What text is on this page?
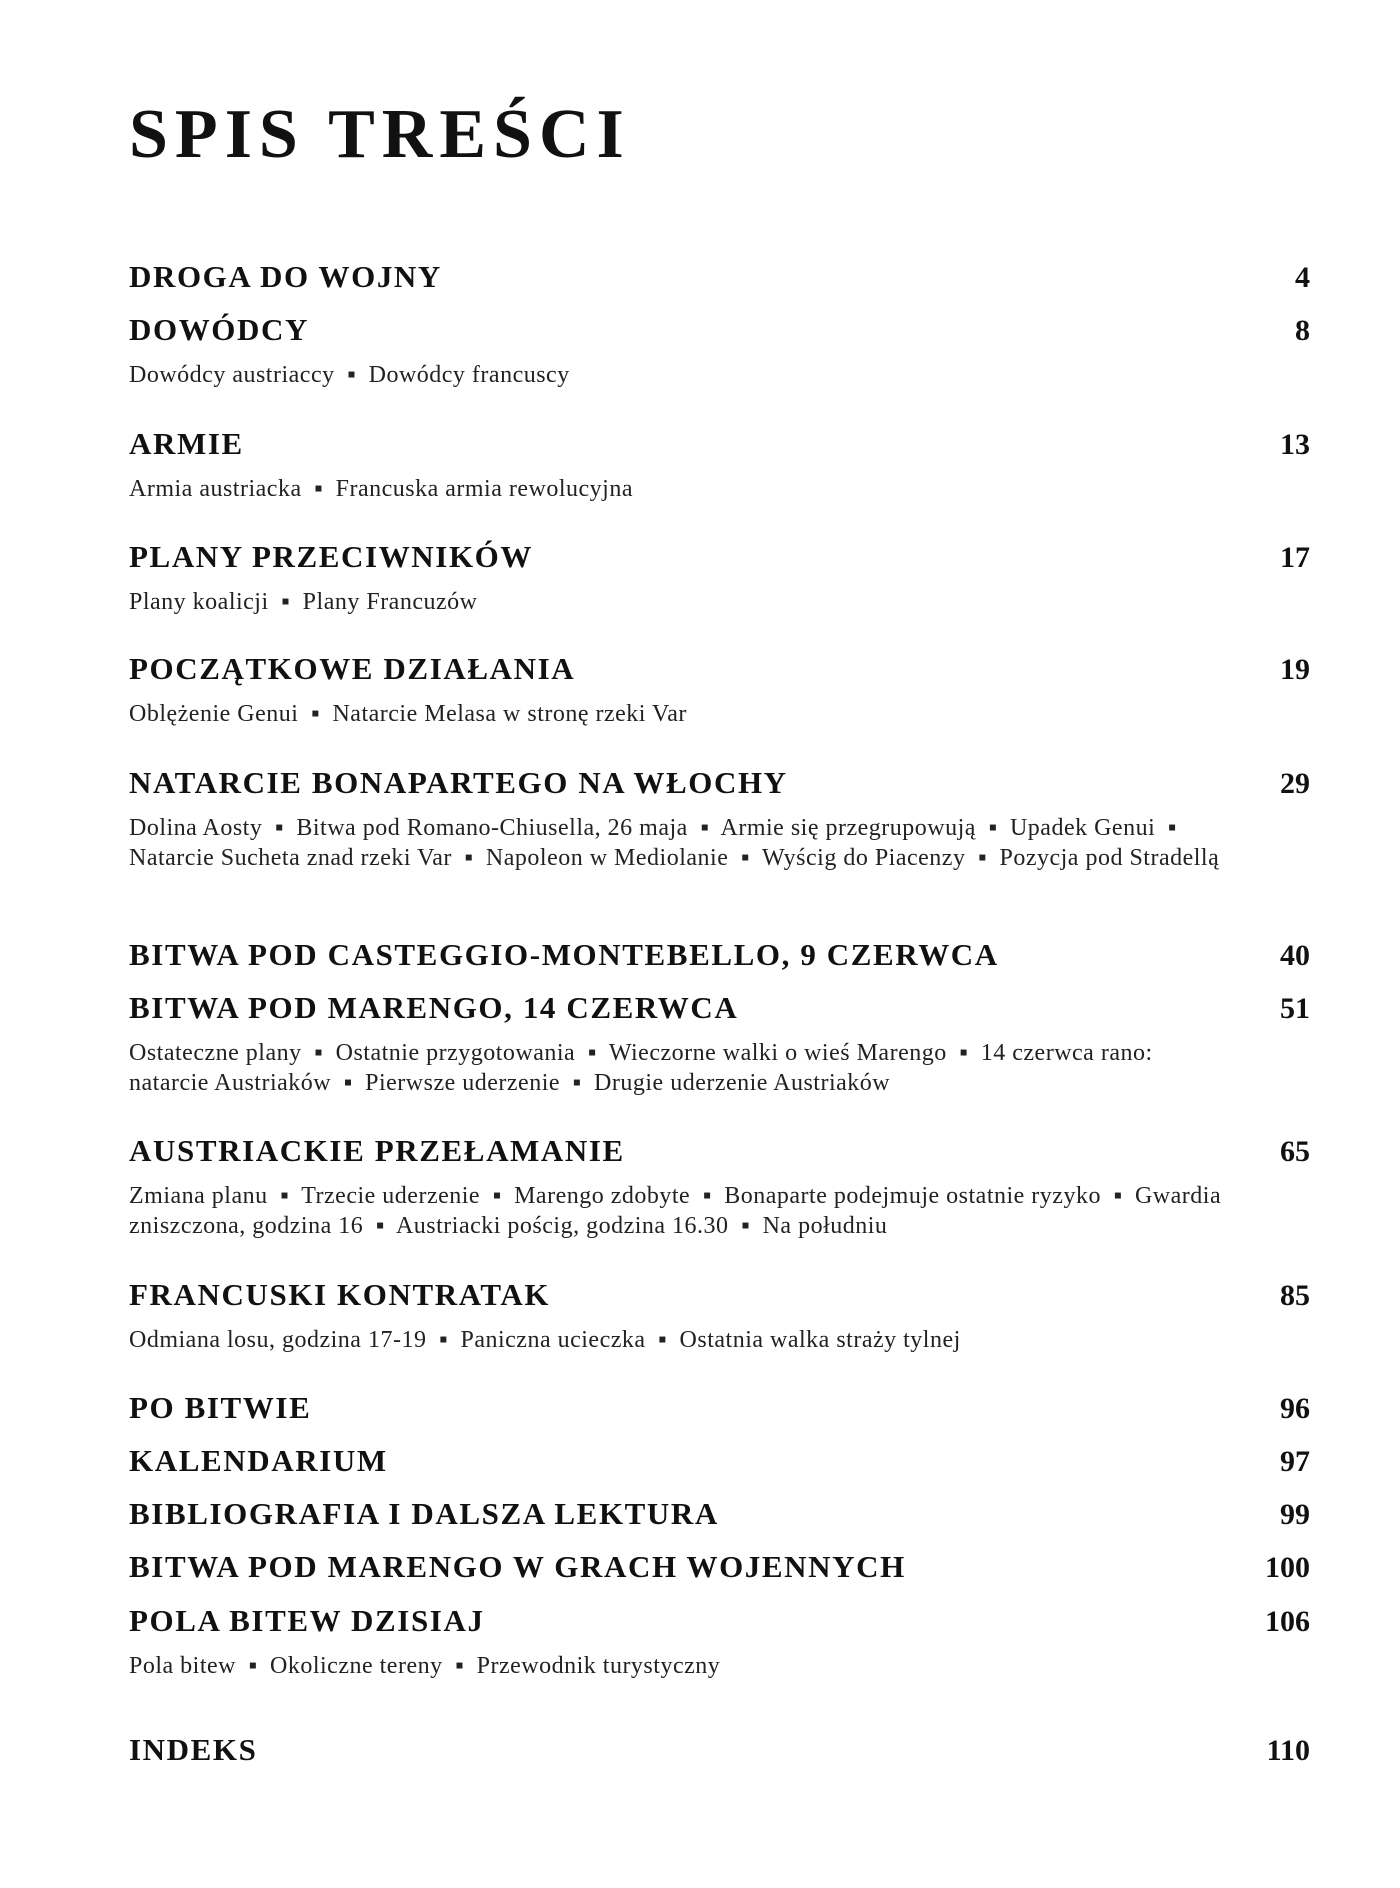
SPIS TREŚCI
DROGA DO WOJNY	4
DOWÓDCY	8
Dowódcy austriaccy ▪ Dowódcy francuscy
ARMIE	13
Armia austriacka ▪ Francuska armia rewolucyjna
PLANY PRZECIWNIKÓW	17
Plany koalicji ▪ Plany Francuzów
POCZĄTKOWE DZIAŁANIA	19
Oblężenie Genui ▪ Natarcie Melasa w stronę rzeki Var
NATARCIE BONAPARTEGO NA WŁOCHY	29
Dolina Aosty ▪ Bitwa pod Romano-Chiusella, 26 maja ▪ Armie się przegrupowują ▪ Upadek Genui ▪ Natarcie Sucheta znad rzeki Var ▪ Napoleon w Mediolanie ▪ Wyścig do Piacenzy ▪ Pozycja pod Stradellą
BITWA POD CASTEGGIO-MONTEBELLO, 9 CZERWCA	40
BITWA POD MARENGO, 14 CZERWCA	51
Ostateczne plany ▪ Ostatnie przygotowania ▪ Wieczorne walki o wieś Marengo ▪ 14 czerwca rano: natarcie Austriaków ▪ Pierwsze uderzenie ▪ Drugie uderzenie Austriaków
AUSTRIACKIE PRZEŁAMANIE	65
Zmiana planu ▪ Trzecie uderzenie ▪ Marengo zdobyte ▪ Bonaparte podejmuje ostatnie ryzyko ▪ Gwardia zniszczona, godzina 16 ▪ Austriacki pościg, godzina 16.30 ▪ Na południu
FRANCUSKI KONTRATAK	85
Odmiana losu, godzina 17-19 ▪ Paniczna ucieczka ▪ Ostatnia walka straży tylnej
PO BITWIE	96
KALENDARIUM	97
BIBLIOGRAFIA I DALSZA LEKTURA	99
BITWA POD MARENGO W GRACH WOJENNYCH	100
POLA BITEW DZISIAJ	106
Pola bitew ▪ Okoliczne tereny ▪ Przewodnik turystyczny
INDEKS	110
